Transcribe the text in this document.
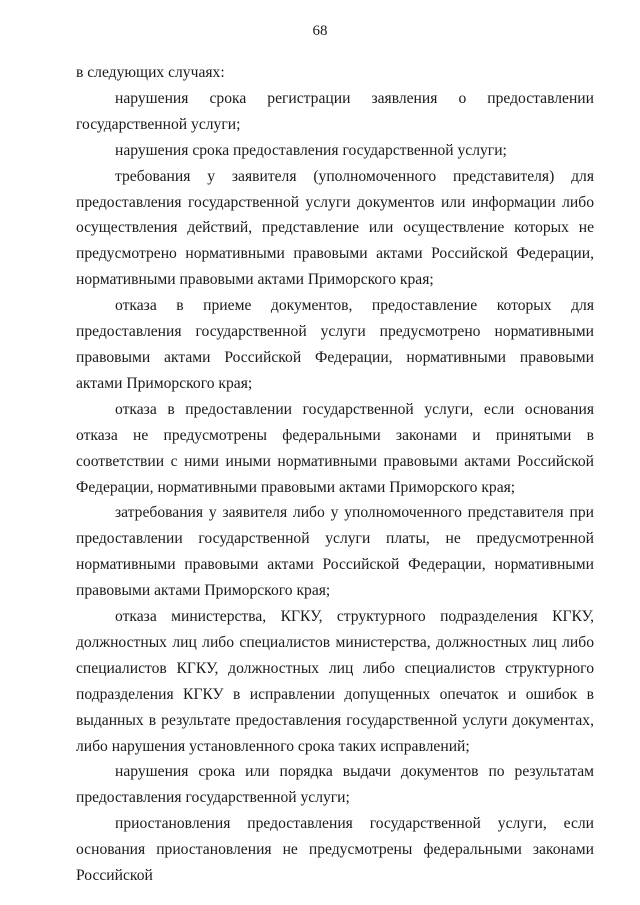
68

в следующих случаях:

нарушения срока регистрации заявления о предоставлении государственной услуги;

нарушения срока предоставления государственной услуги;

требования у заявителя (уполномоченного представителя) для предоставления государственной услуги документов или информации либо осуществления действий, представление или осуществление которых не предусмотрено нормативными правовыми актами Российской Федерации, нормативными правовыми актами Приморского края;

отказа в приеме документов, предоставление которых для предоставления государственной услуги предусмотрено нормативными правовыми актами Российской Федерации, нормативными правовыми актами Приморского края;

отказа в предоставлении государственной услуги, если основания отказа не предусмотрены федеральными законами и принятыми в соответствии с ними иными нормативными правовыми актами Российской Федерации, нормативными правовыми актами Приморского края;

затребования у заявителя либо у уполномоченного представителя при предоставлении государственной услуги платы, не предусмотренной нормативными правовыми актами Российской Федерации, нормативными правовыми актами Приморского края;

отказа министерства, КГКУ, структурного подразделения КГКУ, должностных лиц либо специалистов министерства, должностных лиц либо специалистов КГКУ, должностных лиц либо специалистов структурного подразделения КГКУ в исправлении допущенных опечаток и ошибок в выданных в результате предоставления государственной услуги документах, либо нарушения установленного срока таких исправлений;

нарушения срока или порядка выдачи документов по результатам предоставления государственной услуги;

приостановления предоставления государственной услуги, если основания приостановления не предусмотрены федеральными законами Российской
